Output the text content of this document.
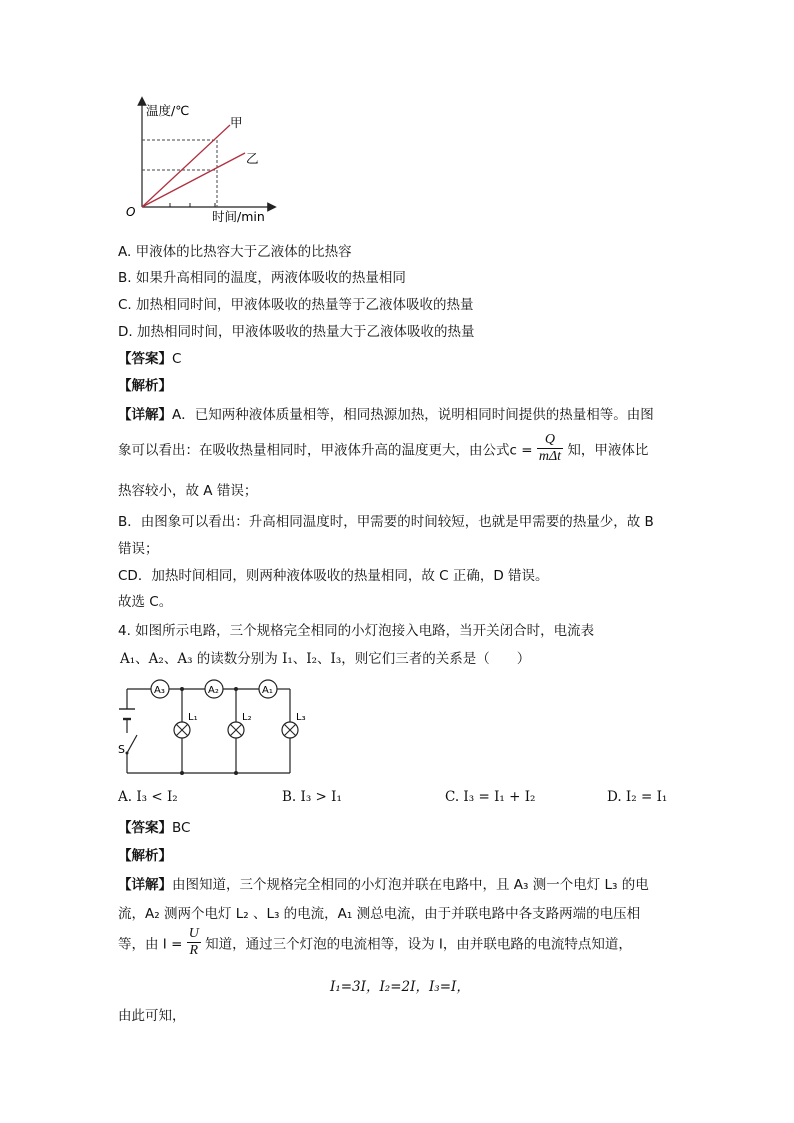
温度/℃
时间/min
O
甲
乙
A. 甲液体的比热容大于乙液体的比热容
B. 如果升高相同的温度，两液体吸收的热量相同
C. 加热相同时间，甲液体吸收的热量等于乙液体吸收的热量
D. 加热相同时间，甲液体吸收的热量大于乙液体吸收的热量
【答案】C
【解析】
【详解】A．已知两种液体质量相等，相同热源加热，说明相同时间提供的热量相等。由图
象可以看出：在吸收热量相同时，甲液体升高的温度更大，由公式$c = \frac{Q}{\text{mΔt}}$ 知，甲液体比
热容较小，故 A 错误；
B．由图象可以看出：升高相同温度时，甲需要的时间较短，也就是甲需要的热量少，故 B
错误；
CD．加热时间相同，则两种液体吸收的热量相同，故 C 正确，D 错误。
故选 C。
4. 如图所示电路，三个规格完全相同的小灯泡接入电路，当开关闭合时，电流表
A₁、A₂、A₃ 的读数分别为 I₁、I₂、I₃，则它们三者的关系是（　　）
S
A₃	A₂	A₁
L₁	L₂	L₃
A. I₃ < I₂	B. I₃ > I₁	C. I₃ = I₁ + I₂	D. I₂ = I₁
【答案】BC
【解析】
【详解】由图知道，三个规格完全相同的小灯泡并联在电路中，且 A₃ 测一个电灯 L₃ 的电
流，A₂ 测两个电灯 L₂ 、L₃ 的电流，A₁ 测总电流，由于并联电路中各支路两端的电压相
等，由 $I = \frac{U}{R}$ 知道，通过三个灯泡的电流相等，设为 I，由并联电路的电流特点知道，
I₁=3I，I₂=2I，I₃=I，
由此可知，
